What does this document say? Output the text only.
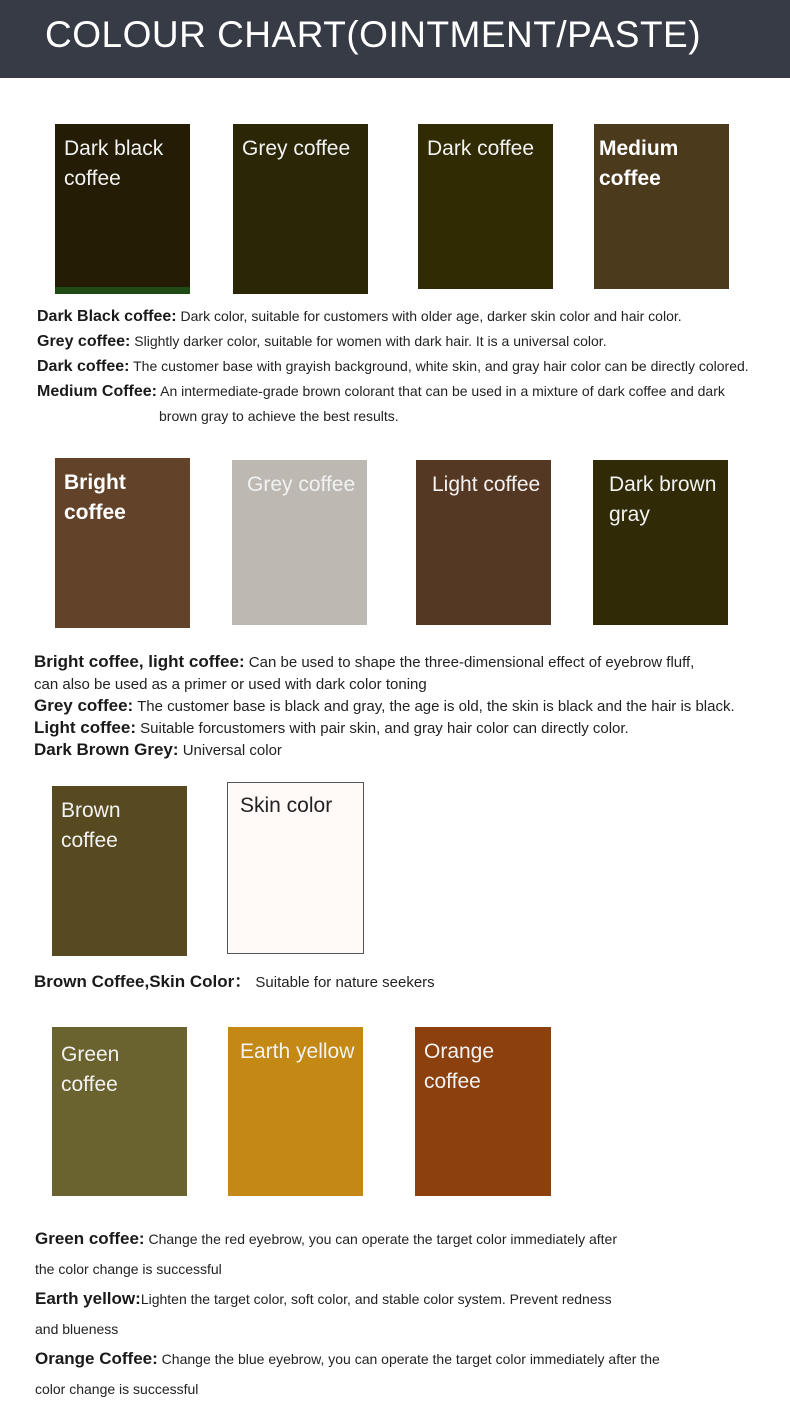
COLOUR CHART(OINTMENT/PASTE)
Dark black coffee
Grey coffee	Dark coffee	Medium coffee

Dark Black coffee: Dark color, suitable for customers with older age, darker skin color and hair color.

Grey coffee: Slightly darker color, suitable for women with dark hair. It is a universal color.

Dark coffee: The customer base with grayish background, white skin, and gray hair color can be directly colored.

Medium Coffee: An intermediate-grade brown colorant that can be used in a mixture of dark coffee and dark

brown gray to achieve the best results.

Bright coffee
Grey coffee	Light coffee	Dark brown gray

Bright coffee, light coffee: Can be used to shape the three-dimensional effect of eyebrow fluff,

can also be used as a primer or used with dark color toning

Grey coffee: The customer base is black and gray, the age is old, the skin is black and the hair is black.

Light coffee: Suitable forcustomers with pair skin, and gray hair color can directly color.

Dark Brown Grey: Universal color

Brown coffee
Skin color

Brown Coffee,Skin Color： Suitable for nature seekers

Green coffee
Earth yellow	Orange coffee

Green coffee: Change the red eyebrow, you can operate the target color immediately after

the color change is successful

Earth yellow:Lighten the target color, soft color, and stable color system. Prevent redness

and blueness

Orange Coffee: Change the blue eyebrow, you can operate the target color immediately after the

color change is successful
